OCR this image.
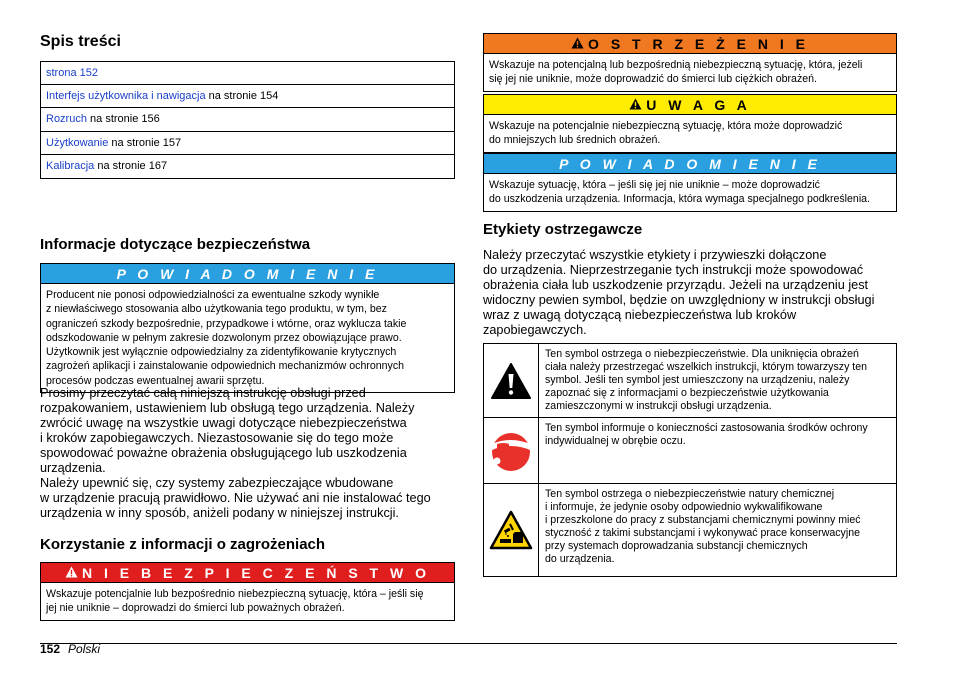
Spis treści
strona 152
Interfejs użytkownika i nawigacja na stronie 154
Rozruch na stronie 156
Użytkowanie na stronie 157
Kalibracja na stronie 167
Informacje dotyczące bezpieczeństwa
P O W I A D O M I E N I E
Producent nie ponosi odpowiedzialności za ewentualne szkody wynikłe
z niewłaściwego stosowania albo użytkowania tego produktu, w tym, bez
ograniczeń szkody bezpośrednie, przypadkowe i wtórne, oraz wyklucza takie
odszkodowanie w pełnym zakresie dozwolonym przez obowiązujące prawo.
Użytkownik jest wyłącznie odpowiedzialny za zidentyfikowanie krytycznych
zagrożeń aplikacji i zainstalowanie odpowiednich mechanizmów ochronnych
procesów podczas ewentualnej awarii sprzętu.
Prosimy przeczytać całą niniejszą instrukcję obsługi przed
rozpakowaniem, ustawieniem lub obsługą tego urządzenia. Należy
zwrócić uwagę na wszystkie uwagi dotyczące niebezpieczeństwa
i kroków zapobiegawczych. Niezastosowanie się do tego może
spowodować poważne obrażenia obsługującego lub uszkodzenia
urządzenia.
Należy upewnić się, czy systemy zabezpieczające wbudowane
w urządzenie pracują prawidłowo. Nie używać ani nie instalować tego
urządzenia w inny sposób, aniżeli podany w niniejszej instrukcji.
Korzystanie z informacji o zagrożeniach
N I E B E Z P I E C Z E Ń S T W O
Wskazuje potencjalnie lub bezpośrednio niebezpieczną sytuację, która – jeśli się
jej nie uniknie – doprowadzi do śmierci lub poważnych obrażeń.
O S T R Z E Ż E N I E
Wskazuje na potencjalną lub bezpośrednią niebezpieczną sytuację, która, jeżeli
się jej nie uniknie, może doprowadzić do śmierci lub ciężkich obrażeń.
U W A G A
Wskazuje na potencjalnie niebezpieczną sytuację, która może doprowadzić
do mniejszych lub średnich obrażeń.
P O W I A D O M I E N I E
Wskazuje sytuację, która – jeśli się jej nie uniknie – może doprowadzić
do uszkodzenia urządzenia. Informacja, która wymaga specjalnego podkreślenia.
Etykiety ostrzegawcze
Należy przeczytać wszystkie etykiety i przywieszki dołączone
do urządzenia. Nieprzestrzeganie tych instrukcji może spowodować
obrażenia ciała lub uszkodzenie przyrządu. Jeżeli na urządzeniu jest
widoczny pewien symbol, będzie on uwzględniony w instrukcji obsługi
wraz z uwagą dotyczącą niebezpieczeństwa lub kroków
zapobiegawczych.
Ten symbol ostrzega o niebezpieczeństwie. Dla uniknięcia obrażeń
ciała należy przestrzegać wszelkich instrukcji, którym towarzyszy ten
symbol. Jeśli ten symbol jest umieszczony na urządzeniu, należy
zapoznać się z informacjami o bezpieczeństwie użytkowania
zamieszczonymi w instrukcji obsługi urządzenia.
Ten symbol informuje o konieczności zastosowania środków ochrony
indywidualnej w obrębie oczu.
Ten symbol ostrzega o niebezpieczeństwie natury chemicznej
i informuje, że jedynie osoby odpowiednio wykwalifikowane
i przeszkolone do pracy z substancjami chemicznymi powinny mieć
styczność z takimi substancjami i wykonywać prace konserwacyjne
przy systemach doprowadzania substancji chemicznych
do urządzenia.
152 Polski
